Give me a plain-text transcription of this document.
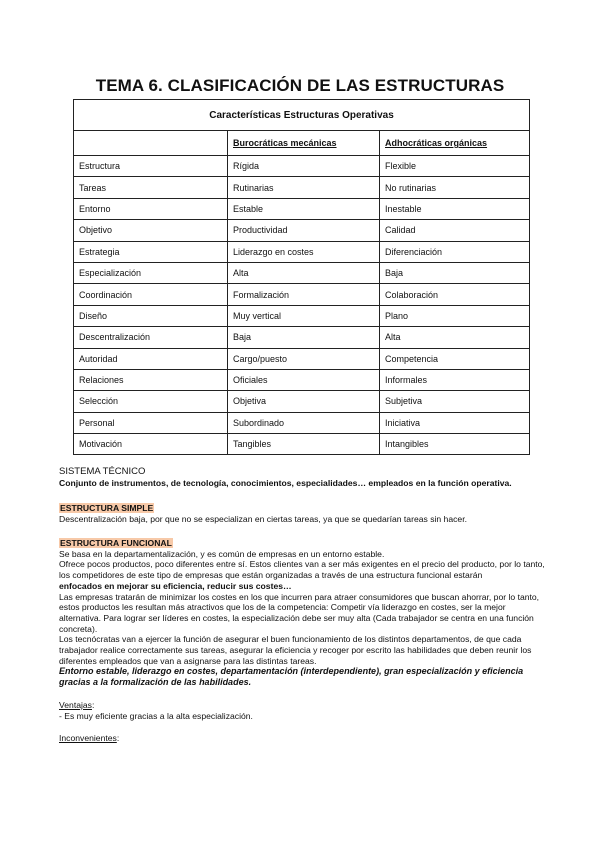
TEMA 6. CLASIFICACIÓN DE LAS ESTRUCTURAS
Características Estructuras Operativas		
	Burocráticas mecánicas	Adhocráticas orgánicas
Estructura	Rígida	Flexible
Tareas	Rutinarias	No rutinarias
Entorno	Estable	Inestable
Objetivo	Productividad	Calidad
Estrategia	Liderazgo en costes	Diferenciación
Especialización	Alta	Baja
Coordinación	Formalización	Colaboración
Diseño	Muy vertical	Plano
Descentralización	Baja	Alta
Autoridad	Cargo/puesto	Competencia
Relaciones	Oficiales	Informales
Selección	Objetiva	Subjetiva
Personal	Subordinado	Iniciativa
Motivación	Tangibles	Intangibles
SISTEMA TÉCNICO
Conjunto de instrumentos, de tecnología, conocimientos, especialidades… empleados en la función operativa.
ESTRUCTURA SIMPLE
Descentralización baja, por que no se especializan en ciertas tareas, ya que se quedarían tareas sin hacer.
ESTRUCTURA FUNCIONAL
Se basa en la departamentalización, y es común de empresas en un entorno estable.
Ofrece pocos productos, poco diferentes entre sí. Estos clientes van a ser más exigentes en el precio del producto, por lo tanto, los competidores de este tipo de empresas que están organizadas a través de una estructura funcional estarán
enfocados en mejorar su eficiencia, reducir sus costes…
Las empresas tratarán de minimizar los costes en los que incurren para atraer consumidores que buscan ahorrar, por lo tanto, estos productos les resultan más atractivos que los de la competencia: Competir vía liderazgo en costes, ser la mejor alternativa. Para lograr ser líderes en costes, la especialización debe ser muy alta (Cada trabajador se centra en una función concreta).
Los tecnócratas van a ejercer la función de asegurar el buen funcionamiento de los distintos departamentos, de que cada trabajador realice correctamente sus tareas, asegurar la eficiencia y recoger por escrito las habilidades que deben reunir los diferentes empleados que van a asignarse para las distintas tareas.
Entorno estable, liderazgo en costes, departamentación (interdependiente), gran especialización y eficiencia gracias a la formalización de las habilidades.
Ventajas:
- Es muy eficiente gracias a la alta especialización.
Inconvenientes:
